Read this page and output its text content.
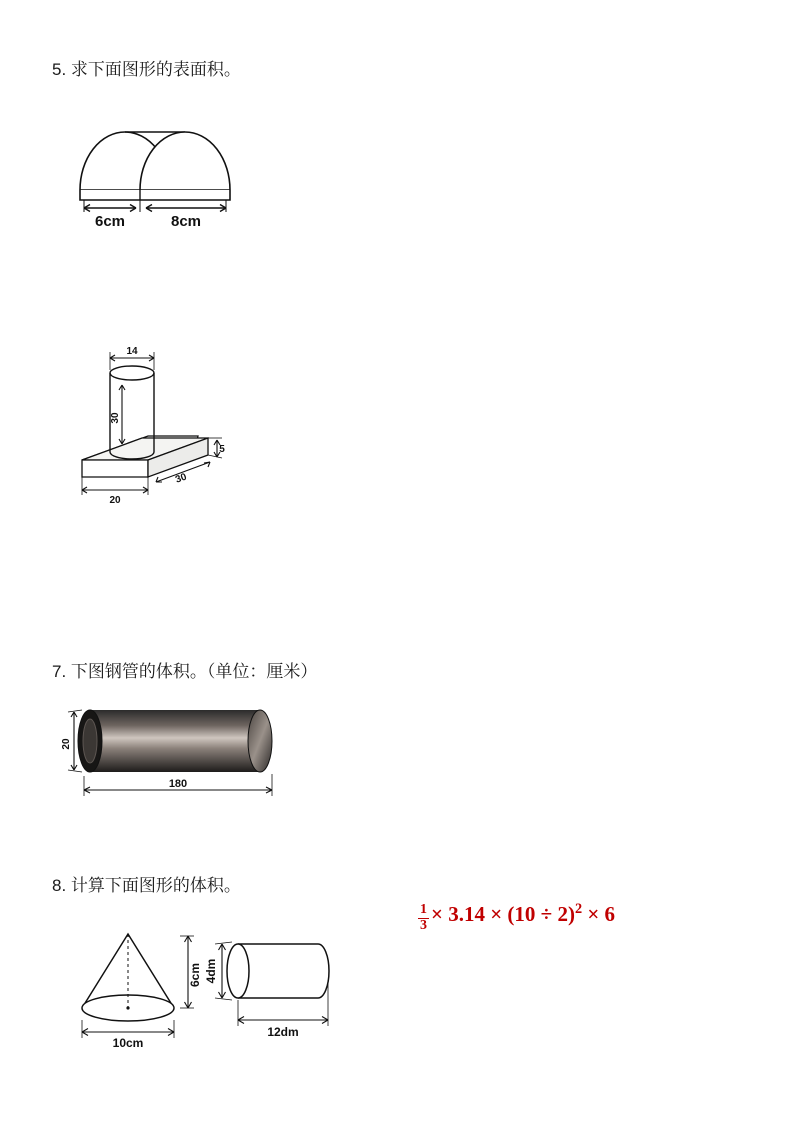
5. 求下面图形的表面积。
6cm	8cm
14
30
5
20
30
7. 下图钢管的体积。（单位：厘米）
20
180
8. 计算下面图形的体积。
$\frac{1}{3} \times 3.14 \times (10 \div 2)^2 \times 6$
6cm
10cm
4dm
12dm
